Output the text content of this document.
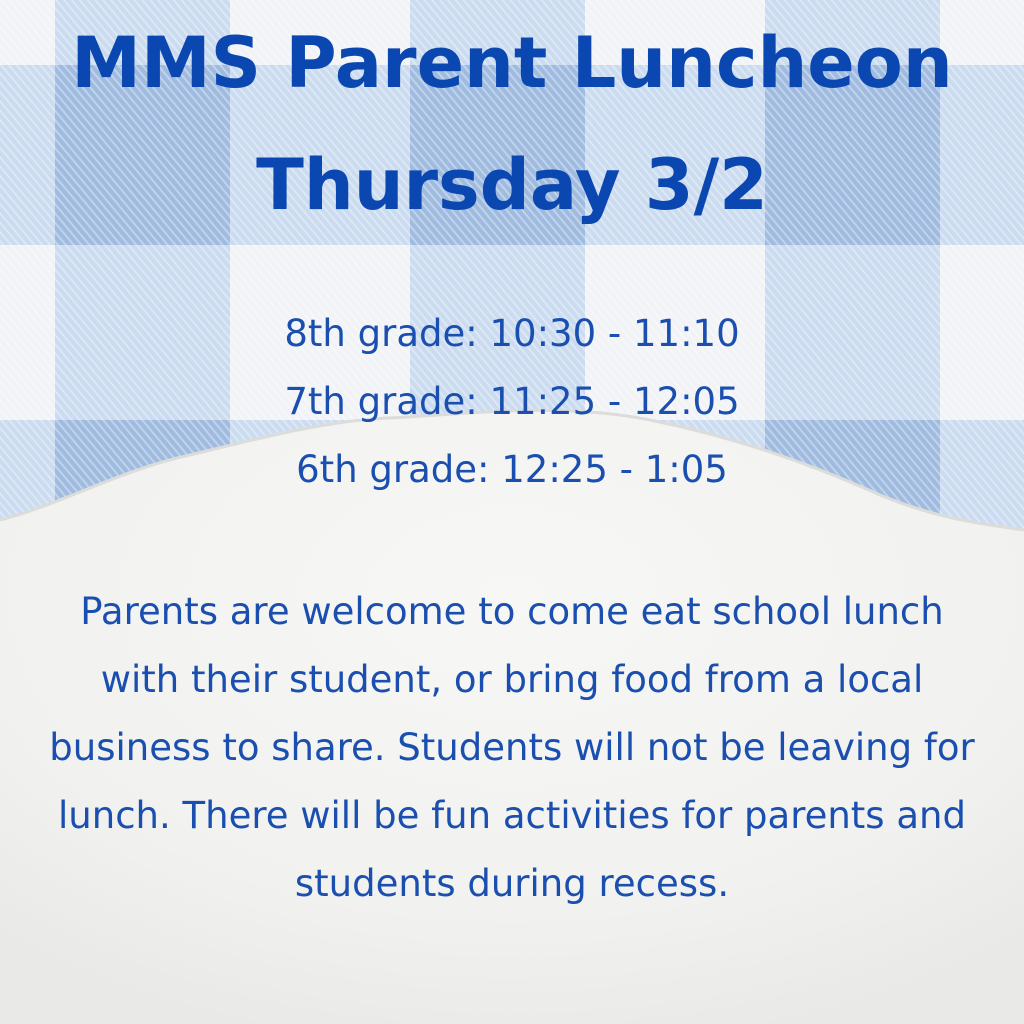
MMS Parent Luncheon
Thursday 3/2
8th grade: 10:30 - 11:10
7th grade: 11:25 - 12:05
6th grade: 12:25 - 1:05

Parents are welcome to come eat school lunch with their student, or bring food from a local business to share. Students will not be leaving for lunch. There will be fun activities for parents and students during recess.
